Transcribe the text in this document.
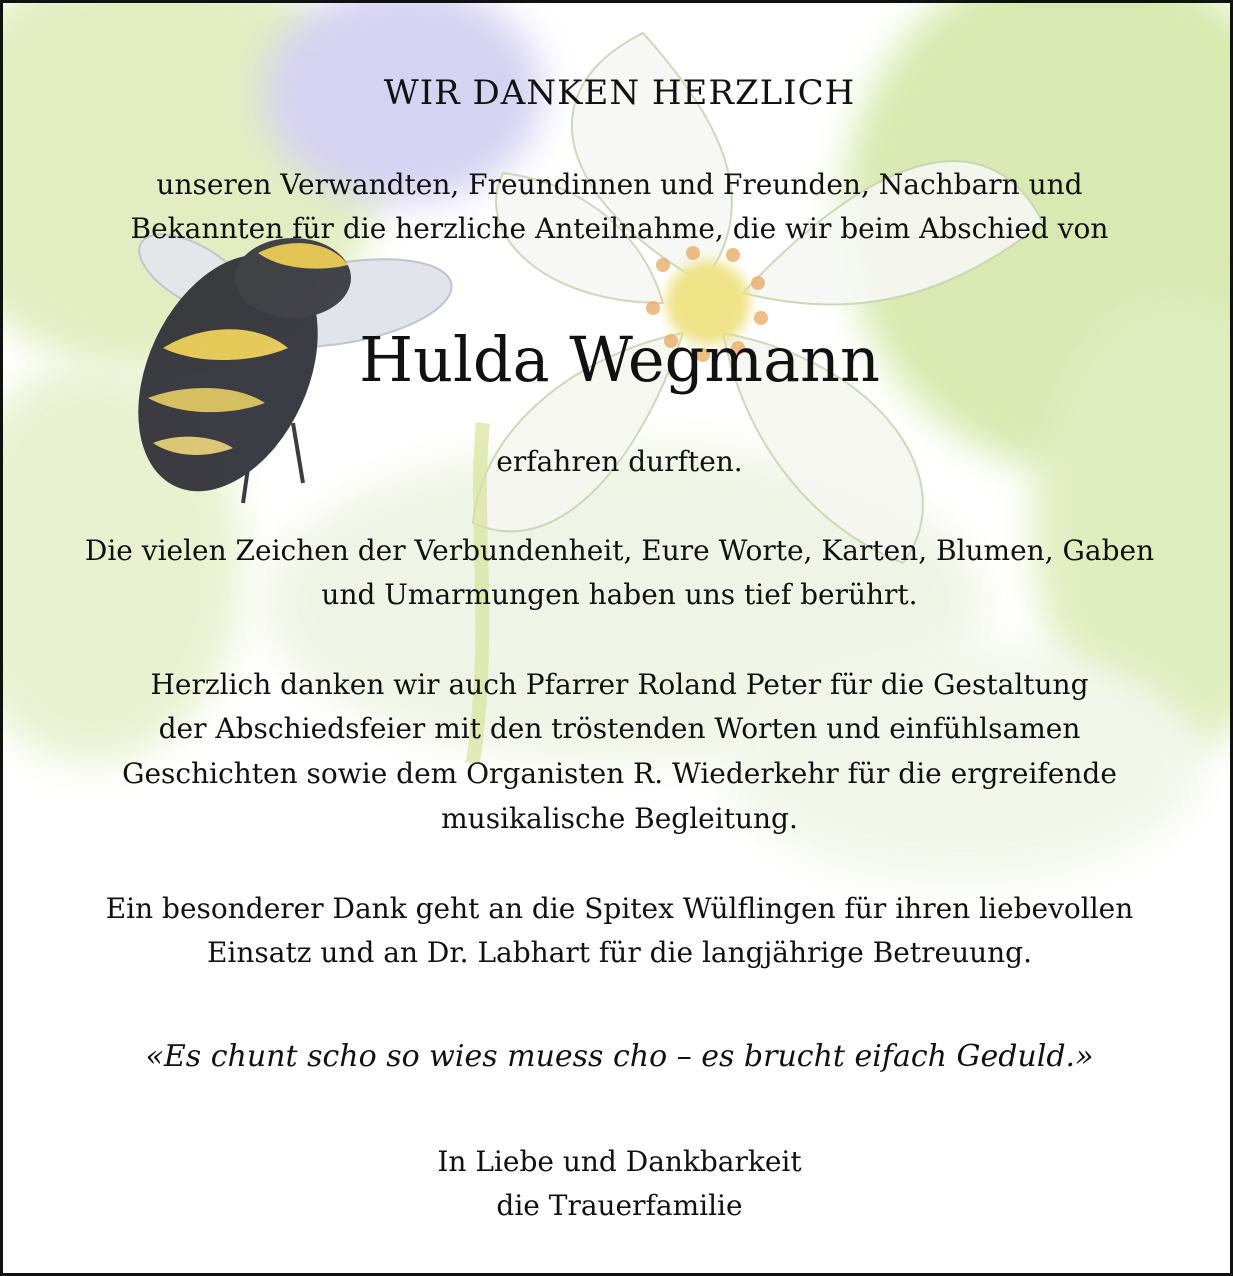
WIR DANKEN HERZLICH
unseren Verwandten, Freundinnen und Freunden, Nachbarn und
Bekannten für die herzliche Anteilnahme, die wir beim Abschied von
Hulda Wegmann
erfahren durften.
Die vielen Zeichen der Verbundenheit, Eure Worte, Karten, Blumen, Gaben
und Umarmungen haben uns tief berührt.
Herzlich danken wir auch Pfarrer Roland Peter für die Gestaltung
der Abschiedsfeier mit den tröstenden Worten und einfühlsamen
Geschichten sowie dem Organisten R. Wiederkehr für die ergreifende
musikalische Begleitung.
Ein besonderer Dank geht an die Spitex Wülflingen für ihren liebevollen
Einsatz und an Dr. Labhart für die langjährige Betreuung.
«Es chunt scho so wies muess cho – es brucht eifach Geduld.»
In Liebe und Dankbarkeit
die Trauerfamilie
